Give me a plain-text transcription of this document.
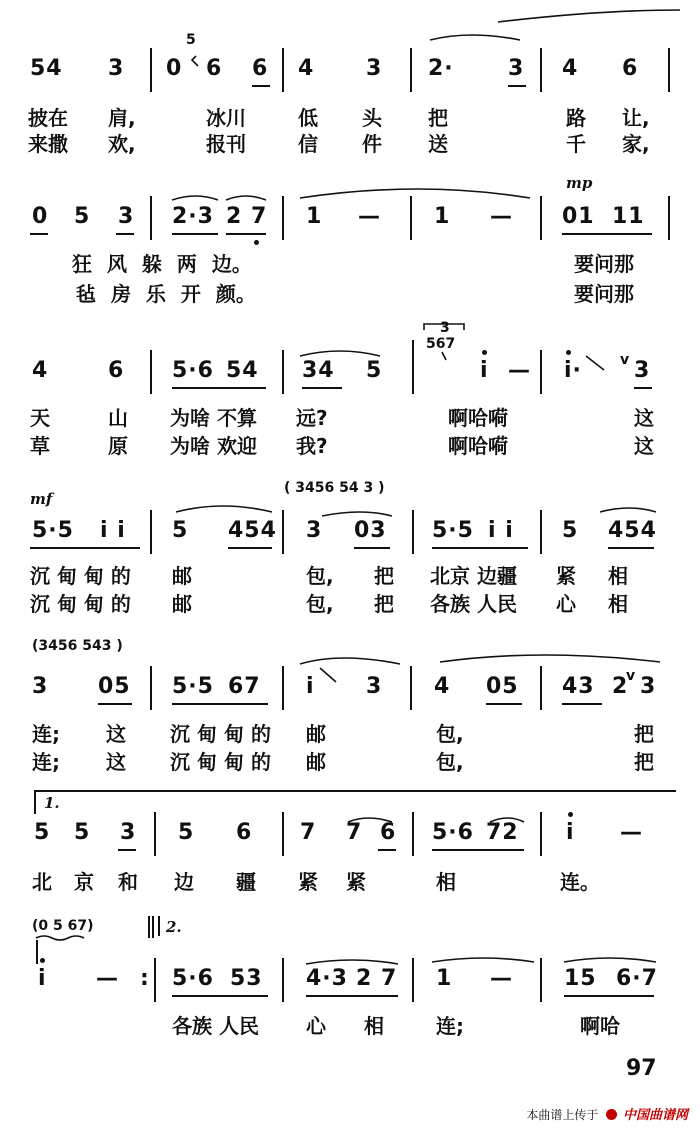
54 3 0
5
6 6 4 3 2· 3 4 6
披在 肩,	冰川	低 头 把	路 让,
来撒 欢,	报刊	信 件 送	千 家,
mp
0 5 3 2·3 2 7 1 — 1 — 01 11
狂 风 躲 两 边。	要问那
毡 房 乐 开 颜。	要问那
3
567
4	6 5·6 54 34 5	i — i·	v 3
天	山 为啥 不算 远?	啊哈嗬	这
草	原 为啥 欢迎 我?	啊哈嗬	这
mf
( 3456 54 3 )
5·5 i i 5 454 3 03 5·5 i i 5 454
沉 甸 甸 的 邮	包, 把 北京 边疆 紧 相
沉 甸 甸 的 邮	包, 把 各族 人民 心 相
(3456 543 )
3 05 5·5 67 i 3 4 05 43 2
v 3
连; 这 沉 甸 甸 的 邮	包,	把
连; 这 沉 甸 甸 的 邮	包,	把
1.
5 5 3 5 6 7 7 6 5·6 72 i —
北 京 和 边 疆 紧 紧	相	连。
(0 5 67)	2.
i — : 5·6 53 4·3 2 7 1 — 15 6·7
各族 人民 心 相	连;	啊哈
97
本曲谱上传于 中国曲谱网
